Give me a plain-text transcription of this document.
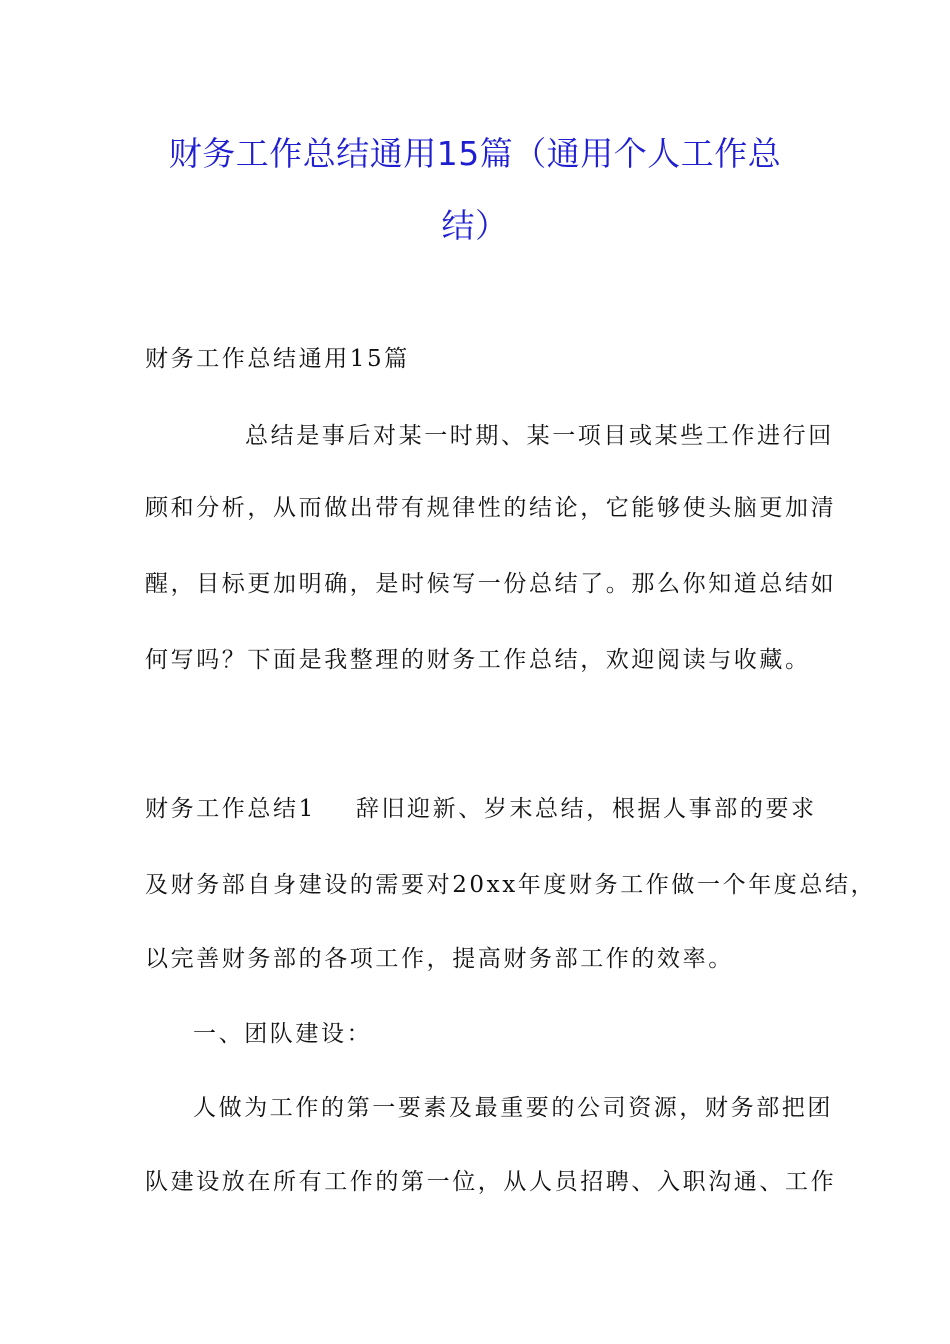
财务工作总结通用15篇（通用个人工作总
结）
财务工作总结通用15篇
总结是事后对某一时期、某一项目或某些工作进行回
顾和分析，从而做出带有规律性的结论，它能够使头脑更加清
醒，目标更加明确，是时候写一份总结了。那么你知道总结如
何写吗？下面是我整理的财务工作总结，欢迎阅读与收藏。
财务工作总结1 辞旧迎新、岁末总结，根据人事部的要求
及财务部自身建设的需要对20xx年度财务工作做一个年度总结，
以完善财务部的各项工作，提高财务部工作的效率。
一、团队建设：
人做为工作的第一要素及最重要的公司资源，财务部把团
队建设放在所有工作的第一位，从人员招聘、入职沟通、工作
